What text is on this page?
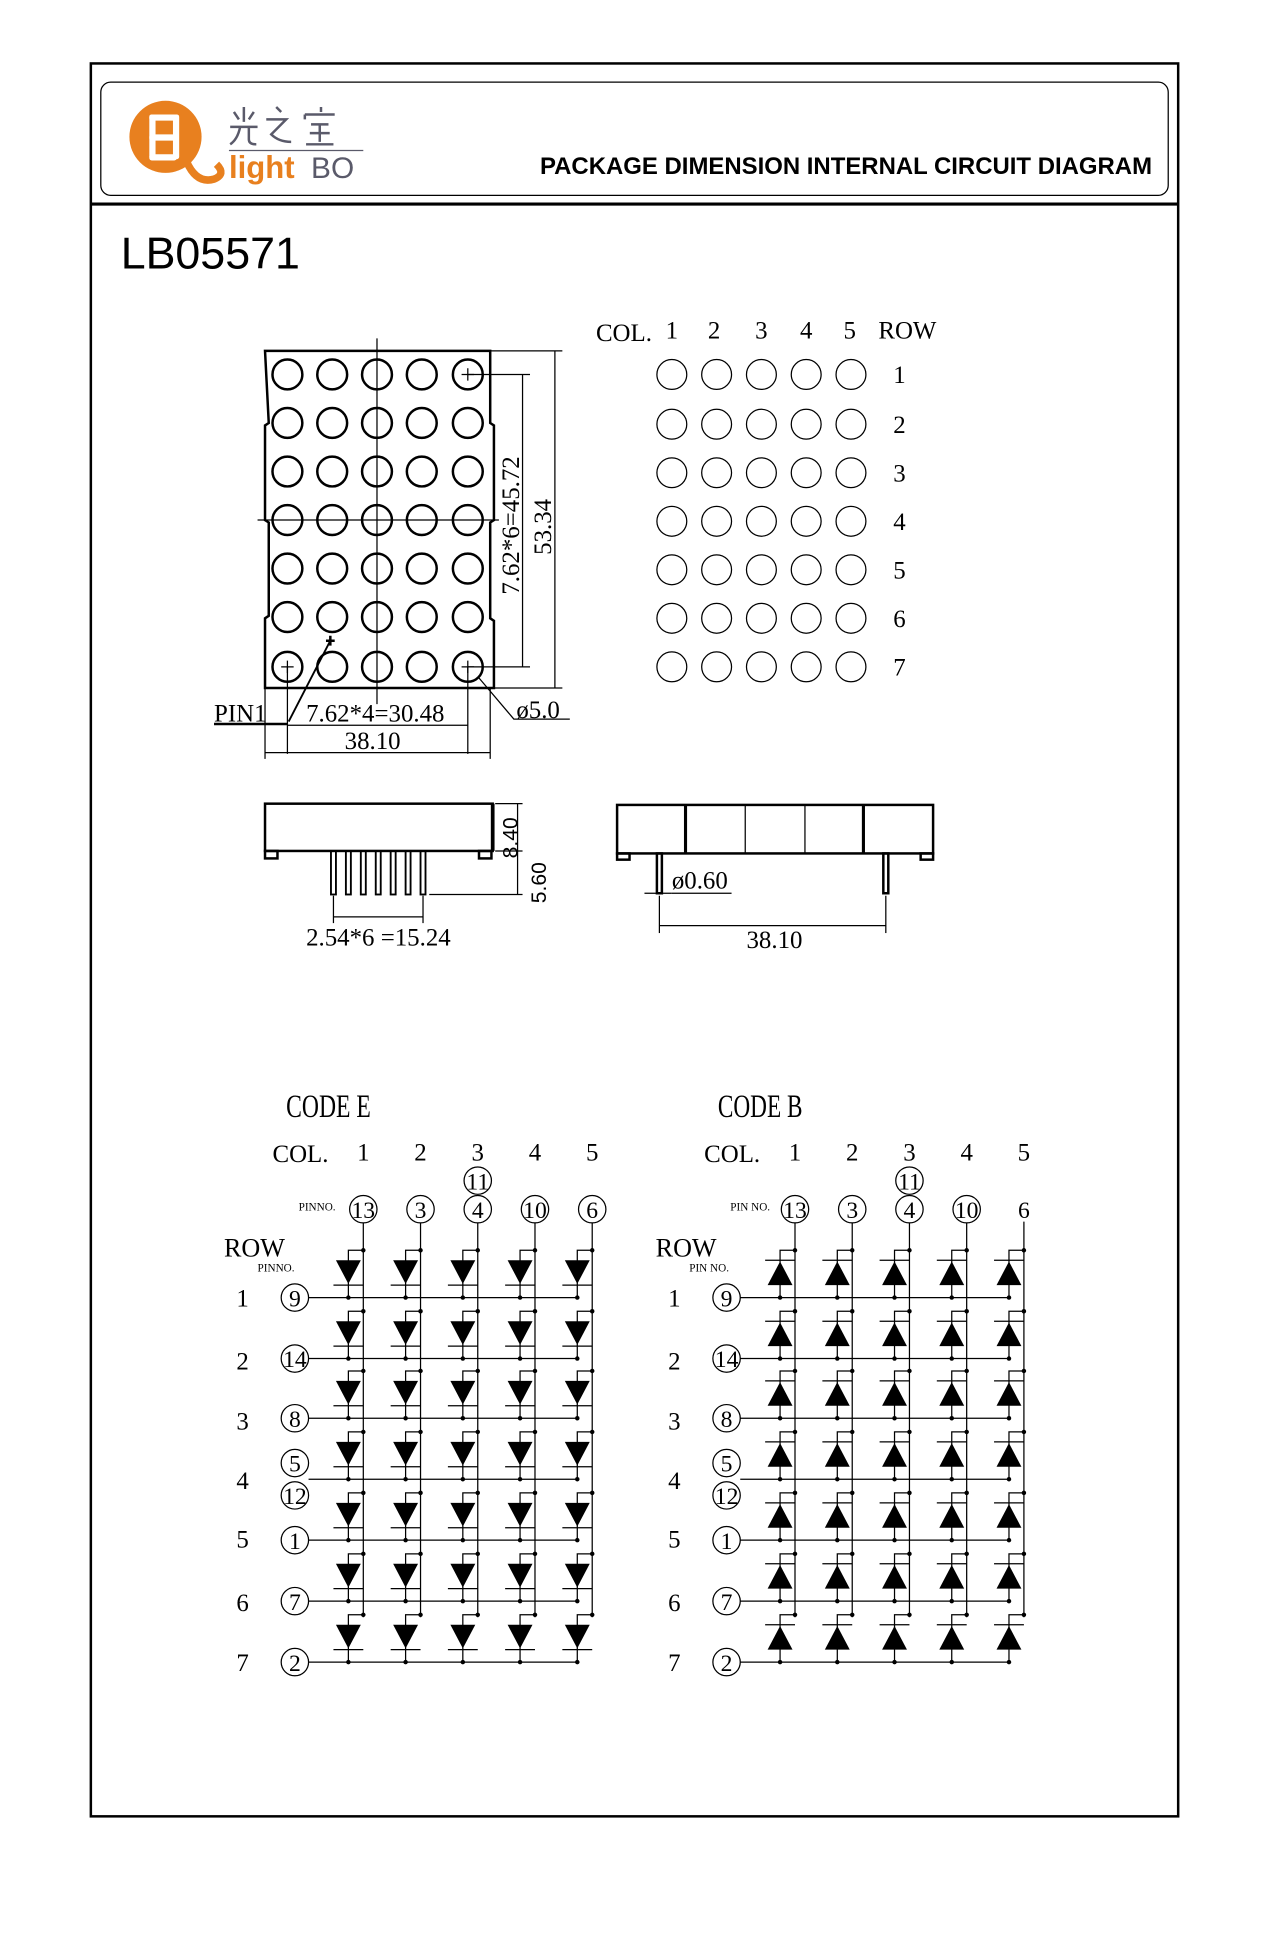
light BO	PACKAGE DIMENSION INTERNAL CIRCUIT DIAGRAM
LB05571
PIN1 7.62*4=30.48
38.10
ø5.0
7.62*6=45.72 53.34
1 2 3 4 5
1
2
3
4
5
6
7
COL.	ROW
8.40
5.60
2.54*6 =15.24
ø0.60
38.10
CODE E
COL. 1 2 3 4 5
PINNO.
ROW
PINNO.
13 3 4 10 6
11
1 9
2 14
3 8
4
5
12
5 1
6 7
7 2
CODE B
COL. 1 2 3 4 5
PIN NO.
ROW
PIN NO.
13 3 4 10 6
11
1 9
2 14
3 8
4
5
12
5 1
6 7
7 2
